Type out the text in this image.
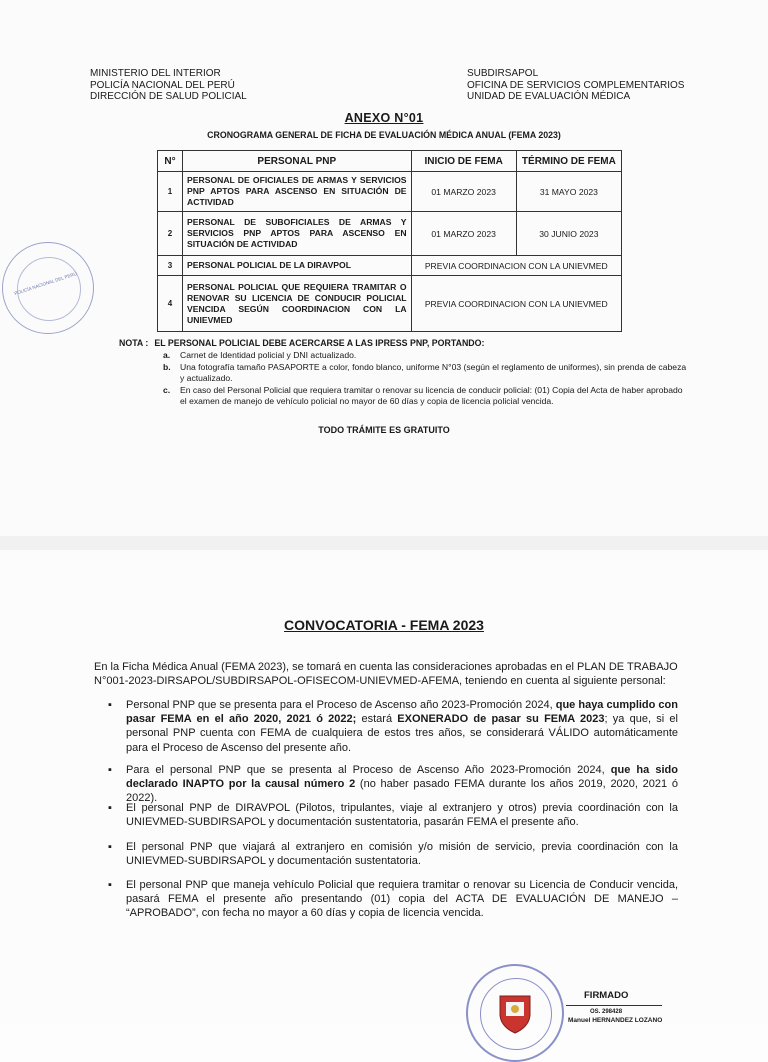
MINISTERIO DEL INTERIOR
POLICÍA NACIONAL DEL PERÚ
DIRECCIÓN DE SALUD POLICIAL
SUBDIRSAPOL
OFICINA DE SERVICIOS COMPLEMENTARIOS
UNIDAD DE EVALUACIÓN MÉDICA
POLICÍA NACIONAL DEL PERÚ
ANEXO N°01
CRONOGRAMA GENERAL DE FICHA DE EVALUACIÓN MÉDICA ANUAL (FEMA 2023)
N°	PERSONAL PNP	INICIO DE FEMA	TÉRMINO DE FEMA
1	PERSONAL DE OFICIALES DE ARMAS Y SERVICIOS PNP APTOS PARA ASCENSO EN SITUACIÓN DE ACTIVIDAD	01 MARZO 2023	31 MAYO 2023
2	PERSONAL DE SUBOFICIALES DE ARMAS Y SERVICIOS PNP APTOS PARA ASCENSO EN SITUACIÓN DE ACTIVIDAD	01 MARZO 2023	30 JUNIO 2023
3	PERSONAL POLICIAL DE LA DIRAVPOL	PREVIA COORDINACION CON LA UNIEVMED	
4	PERSONAL POLICIAL QUE REQUIERA TRAMITAR O RENOVAR SU LICENCIA DE CONDUCIR POLICIAL VENCIDA SEGÚN COORDINACION CON LA UNIEVMED	PREVIA COORDINACION CON LA UNIEVMED	
NOTA : EL PERSONAL POLICIAL DEBE ACERCARSE A LAS IPRESS PNP, PORTANDO:
a.	Carnet de Identidad policial y DNI actualizado.
b.	Una fotografía tamaño PASAPORTE a color, fondo blanco, uniforme N°03 (según el reglamento de uniformes), sin prenda de cabeza y actualizado.
c.	En caso del Personal Policial que requiera tramitar o renovar su licencia de conducir policial: (01) Copia del Acta de haber aprobado el examen de manejo de vehículo policial no mayor de 60 días y copia de licencia policial vencida.
TODO TRÁMITE ES GRATUITO
CONVOCATORIA - FEMA 2023
En la Ficha Médica Anual (FEMA 2023), se tomará en cuenta las consideraciones aprobadas en el PLAN DE TRABAJO N°001-2023-DIRSAPOL/SUBDIRSAPOL-OFISECOM-UNIEVMED-AFEMA, teniendo en cuenta al siguiente personal:
▪	Personal PNP que se presenta para el Proceso de Ascenso año 2023-Promoción 2024, que haya cumplido con pasar FEMA en el año 2020, 2021 ó 2022; estará EXONERADO de pasar su FEMA 2023; ya que, si el personal PNP cuenta con FEMA de cualquiera de estos tres años, se considerará VÁLIDO automáticamente para el Proceso de Ascenso del presente año.
▪	Para el personal PNP que se presenta al Proceso de Ascenso Año 2023-Promoción 2024, que ha sido declarado INAPTO por la causal número 2 (no haber pasado FEMA durante los años 2019, 2020, 2021 ó 2022).
▪	El personal PNP de DIRAVPOL (Pilotos, tripulantes, viaje al extranjero y otros) previa coordinación con la UNIEVMED-SUBDIRSAPOL y documentación sustentatoria, pasarán FEMA el presente año.
▪	El personal PNP que viajará al extranjero en comisión y/o misión de servicio, previa coordinación con la UNIEVMED-SUBDIRSAPOL y documentación sustentatoria.
▪	El personal PNP que maneja vehículo Policial que requiera tramitar o renovar su Licencia de Conducir vencida, pasará FEMA el presente año presentando (01) copia del ACTA DE EVALUACIÓN DE MANEJO – “APROBADO”, con fecha no mayor a 60 días y copia de licencia vencida.
FIRMADO
OS. 298428
Manuel HERNANDEZ LOZANO
